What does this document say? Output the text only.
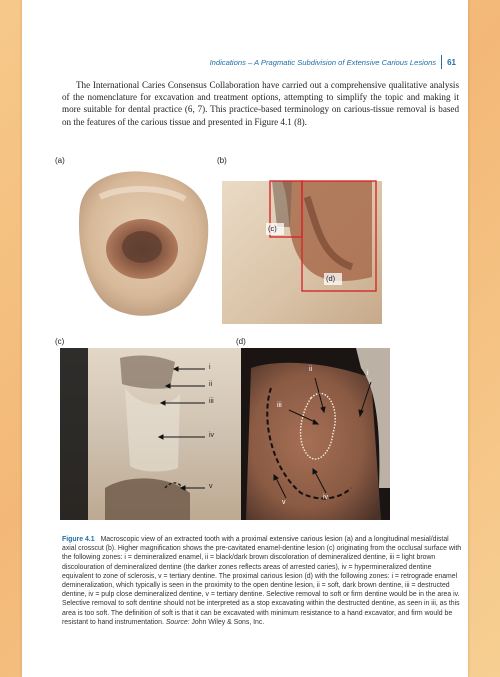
Indications – A Pragmatic Subdivision of Extensive Carious Lesions 61

The International Caries Consensus Collaboration have carried out a comprehensive qualitative analysis of the nomenclature for excavation and treatment options, attempting to simplify the topic and making it more suitable for dental practice (6, 7). This practice-based terminology on carious-tissue removal is based on the features of the carious tissue and presented in Figure 4.1 (8).

(a)	(b)
(c)
(d)
(c)
i
ii
iii
iv
v
(d)
i
ii
iii
iv
v

Figure 4.1 Macroscopic view of an extracted tooth with a proximal extensive carious lesion (a) and a longitudinal mesial/distal axial crosscut (b). Higher magnification shows the pre-cavitated enamel-dentine lesion (c) originating from the occlusal surface with the following zones: i = demineralized enamel, ii = black/dark brown discoloration of demineralized dentine, iii = light brown discolouration of demineralized dentine (the darker zones reflects areas of arrested caries), iv = hypermineralized dentine equivalent to zone of sclerosis, v = tertiary dentine. The proximal carious lesion (d) with the following zones: i = retrograde enamel demineralization, which typically is seen in the proximity to the open dentine lesion, ii = soft, dark brown dentine, iii = destructed dentine, iv = pulp close demineralized dentine, v = tertiary dentine. Selective removal to soft or firm dentine would be in the area iv. Selective removal to soft dentine should not be interpreted as a stop excavating within the destructed dentine, as seen in iii, as this area is too soft. The definition of soft is that it can be excavated with minimum resistance to a hand excavator, and firm would be resistant to hand instrumentation. Source: John Wiley & Sons, Inc.
